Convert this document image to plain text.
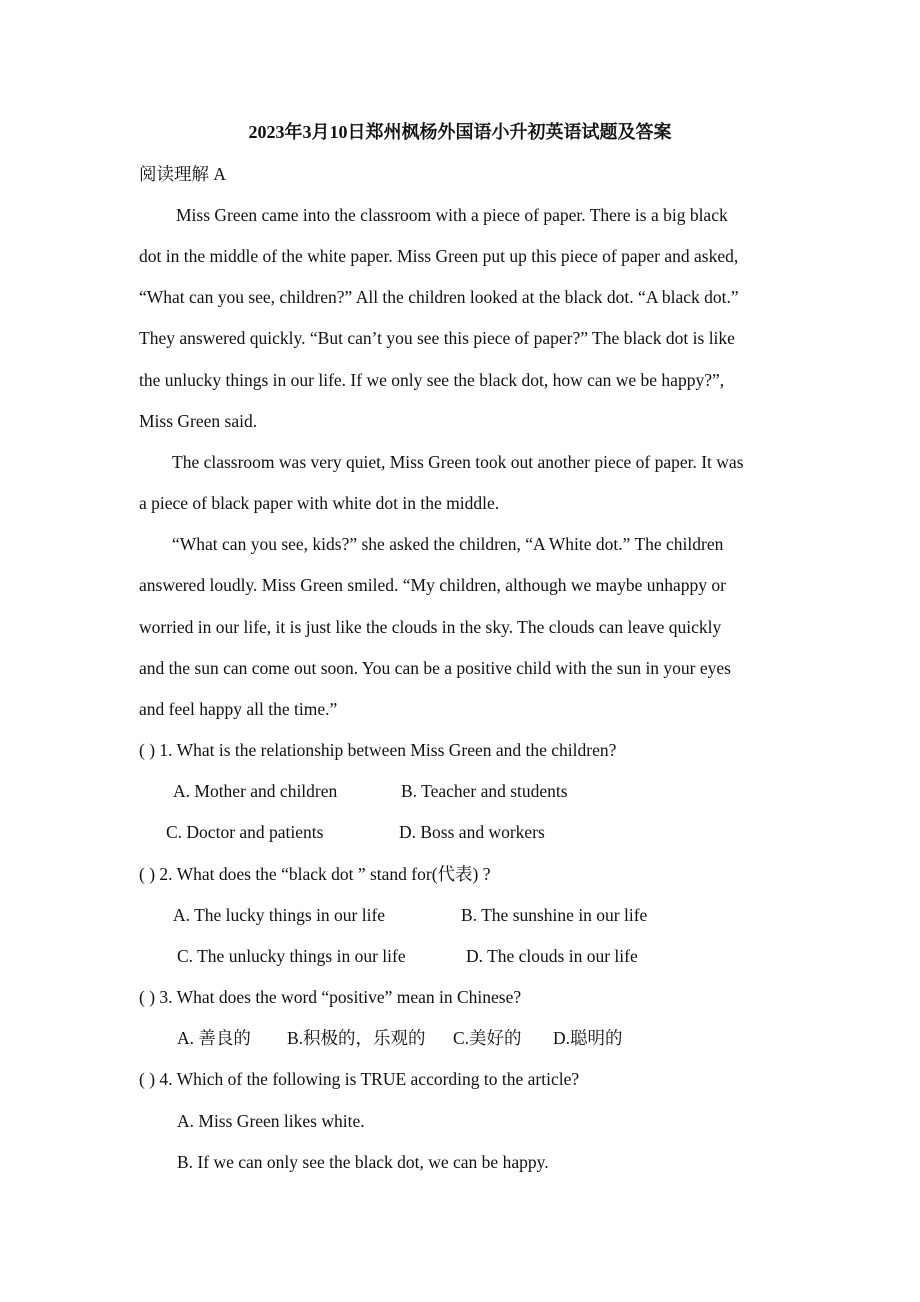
2023年3月10日郑州枫杨外国语小升初英语试题及答案
阅读理解 A
Miss Green came into the classroom with a piece of paper. There is a big black
dot in the middle of the white paper. Miss Green put up this piece of paper and asked,
“What can you see, children?” All the children looked at the black dot. “A black dot.”
They answered quickly. “But can’t you see this piece of paper?” The black dot is like
the unlucky things in our life. If we only see the black dot, how can we be happy?”,
Miss Green said.
The classroom was very quiet, Miss Green took out another piece of paper. It was
a piece of black paper with white dot in the middle.
“What can you see, kids?” she asked the children, “A White dot.” The children
answered loudly. Miss Green smiled. “My children, although we maybe unhappy or
worried in our life, it is just like the clouds in the sky. The clouds can leave quickly
and the sun can come out soon. You can be a positive child with the sun in your eyes
and feel happy all the time.”
( ) 1. What is the relationship between Miss Green and the children?
A. Mother and children	B. Teacher and students
C. Doctor and patients	D. Boss and workers
( ) 2. What does the “black dot ” stand for(代表) ?
A. The lucky things in our life	B. The sunshine in our life
C. The unlucky things in our life	D. The clouds in our life
( ) 3. What does the word “positive” mean in Chinese?
A. 善良的 B.积极的，乐观的 C.美好的 D.聪明的
( ) 4. Which of the following is TRUE according to the article?
A. Miss Green likes white.
B. If we can only see the black dot, we can be happy.
